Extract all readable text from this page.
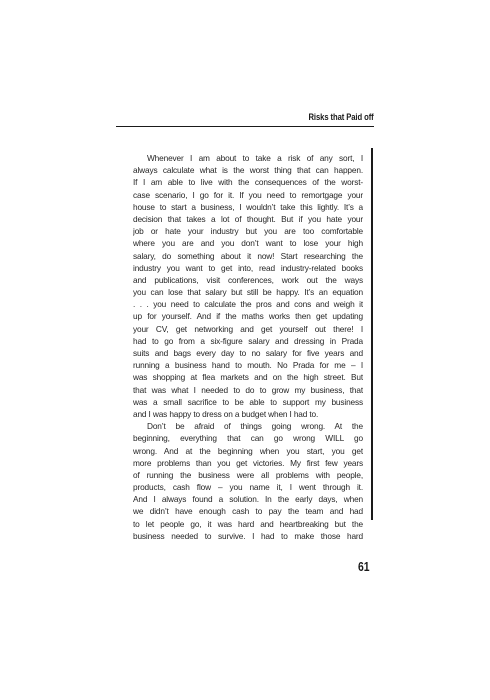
Risks that Paid off
Whenever I am about to take a risk of any sort, I
always calculate what is the worst thing that can happen.
If I am able to live with the consequences of the worst-
case scenario, I go for it. If you need to remortgage your
house to start a business, I wouldn’t take this lightly. It’s a
decision that takes a lot of thought. But if you hate your
job or hate your industry but you are too comfortable
where you are and you don’t want to lose your high
salary, do something about it now! Start researching the
industry you want to get into, read industry-related books
and publications, visit conferences, work out the ways
you can lose that salary but still be happy. It’s an equation
. . . you need to calculate the pros and cons and weigh it
up for yourself. And if the maths works then get updating
your CV, get networking and get yourself out there! I
had to go from a six-figure salary and dressing in Prada
suits and bags every day to no salary for five years and
running a business hand to mouth. No Prada for me – I
was shopping at flea markets and on the high street. But
that was what I needed to do to grow my business, that
was a small sacrifice to be able to support my business
and I was happy to dress on a budget when I had to.
Don’t be afraid of things going wrong. At the
beginning, everything that can go wrong WILL go
wrong. And at the beginning when you start, you get
more problems than you get victories. My first few years
of running the business were all problems with people,
products, cash flow – you name it, I went through it.
And I always found a solution. In the early days, when
we didn’t have enough cash to pay the team and had
to let people go, it was hard and heartbreaking but the
business needed to survive. I had to make those hard
61
